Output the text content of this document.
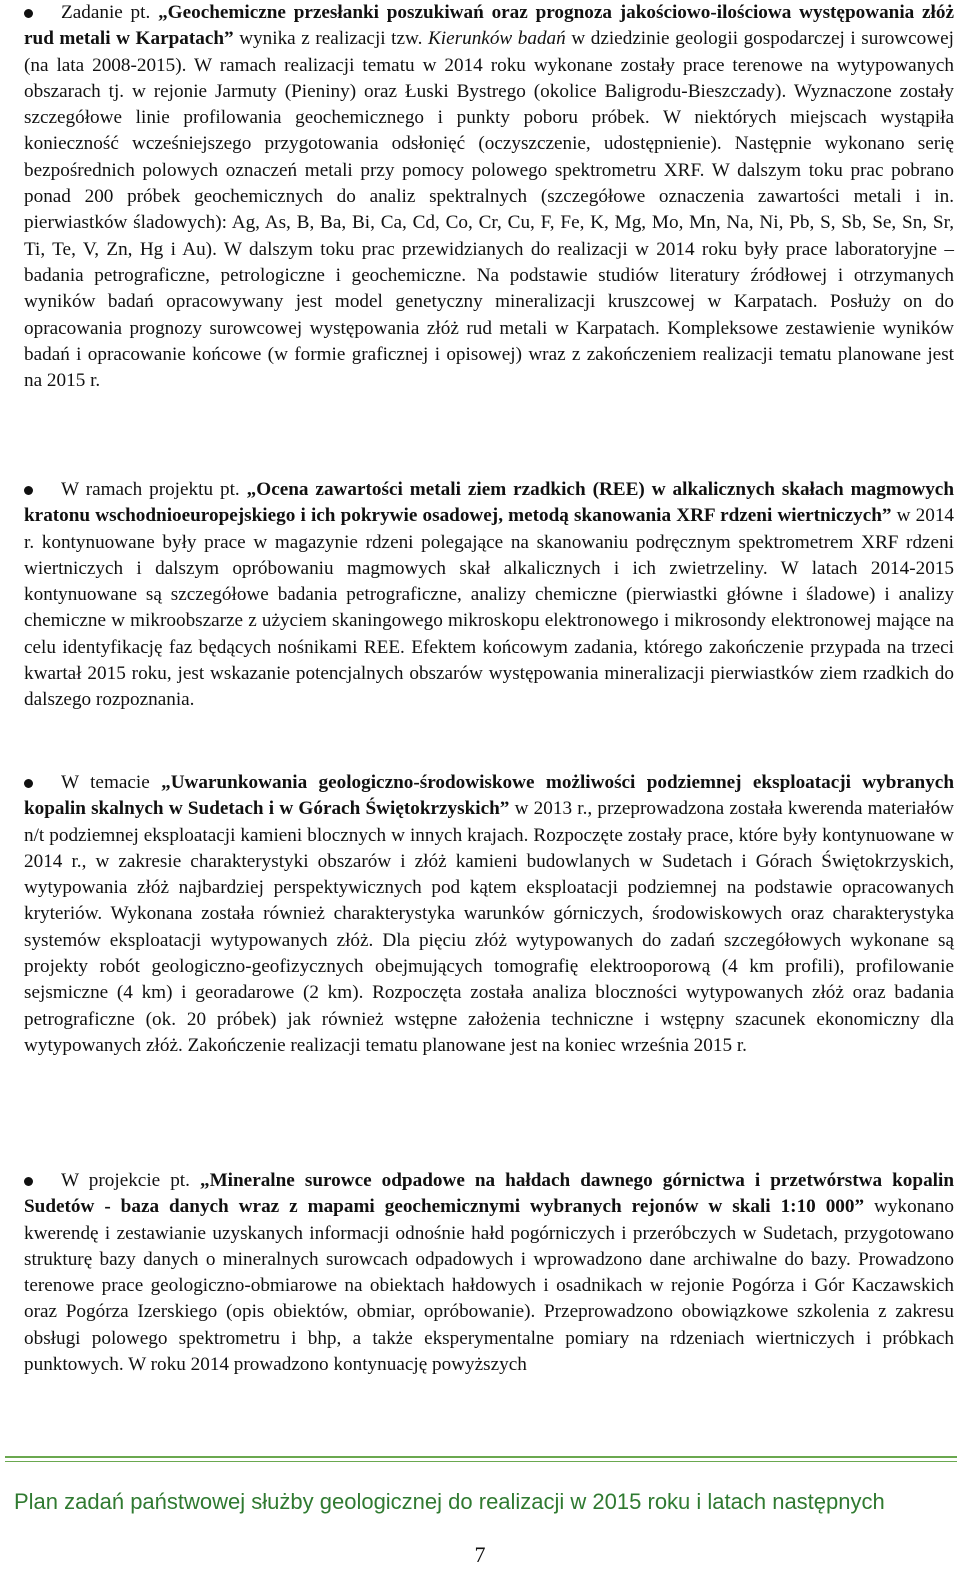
Zadanie pt. „Geochemiczne przesłanki poszukiwań oraz prognoza jakościowo-ilościowa występowania złóż rud metali w Karpatach” wynika z realizacji tzw. Kierunków badań w dziedzinie geologii gospodarczej i surowcowej (na lata 2008-2015). W ramach realizacji tematu w 2014 roku wykonane zostały prace terenowe na wytypowanych obszarach tj. w rejonie Jarmuty (Pieniny) oraz Łuski Bystrego (okolice Baligrodu-Bieszczady). Wyznaczone zostały szczegółowe linie profilowania geochemicznego i punkty poboru próbek. W niektórych miejscach wystąpiła konieczność wcześniejszego przygotowania odsłonięć (oczyszczenie, udostępnienie). Następnie wykonano serię bezpośrednich polowych oznaczeń metali przy pomocy polowego spektrometru XRF. W dalszym toku prac pobrano ponad 200 próbek geochemicznych do analiz spektralnych (szczegółowe oznaczenia zawartości metali i in. pierwiastków śladowych): Ag, As, B, Ba, Bi, Ca, Cd, Co, Cr, Cu, F, Fe, K, Mg, Mo, Mn, Na, Ni, Pb, S, Sb, Se, Sn, Sr, Ti, Te, V, Zn, Hg i Au). W dalszym toku prac przewidzianych do realizacji w 2014 roku były prace laboratoryjne – badania petrograficzne, petrologiczne i geochemiczne. Na podstawie studiów literatury źródłowej i otrzymanych wyników badań opracowywany jest model genetyczny mineralizacji kruszcowej w Karpatach. Posłuży on do opracowania prognozy surowcowej występowania złóż rud metali w Karpatach. Kompleksowe zestawienie wyników badań i opracowanie końcowe (w formie graficznej i opisowej) wraz z zakończeniem realizacji tematu planowane jest na 2015 r.

W ramach projektu pt. „Ocena zawartości metali ziem rzadkich (REE) w alkalicznych skałach magmowych kratonu wschodnioeuropejskiego i ich pokrywie osadowej, metodą skanowania XRF rdzeni wiertniczych” w 2014 r. kontynuowane były prace w magazynie rdzeni polegające na skanowaniu podręcznym spektrometrem XRF rdzeni wiertniczych i dalszym opróbowaniu magmowych skał alkalicznych i ich zwietrzeliny. W latach 2014-2015 kontynuowane są szczegółowe badania petrograficzne, analizy chemiczne (pierwiastki główne i śladowe) i analizy chemiczne w mikroobszarze z użyciem skaningowego mikroskopu elektronowego i mikrosondy elektronowej mające na celu identyfikację faz będących nośnikami REE. Efektem końcowym zadania, którego zakończenie przypada na trzeci kwartał 2015 roku, jest wskazanie potencjalnych obszarów występowania mineralizacji pierwiastków ziem rzadkich do dalszego rozpoznania.

W temacie „Uwarunkowania geologiczno-środowiskowe możliwości podziemnej eksploatacji wybranych kopalin skalnych w Sudetach i w Górach Świętokrzyskich” w 2013 r., przeprowadzona została kwerenda materiałów n/t podziemnej eksploatacji kamieni blocznych w innych krajach. Rozpoczęte zostały prace, które były kontynuowane w 2014 r., w zakresie charakterystyki obszarów i złóż kamieni budowlanych w Sudetach i Górach Świętokrzyskich, wytypowania złóż najbardziej perspektywicznych pod kątem eksploatacji podziemnej na podstawie opracowanych kryteriów. Wykonana została również charakterystyka warunków górniczych, środowiskowych oraz charakterystyka systemów eksploatacji wytypowanych złóż. Dla pięciu złóż wytypowanych do zadań szczegółowych wykonane są projekty robót geologiczno-geofizycznych obejmujących tomografię elektrooporową (4 km profili), profilowanie sejsmiczne (4 km) i georadarowe (2 km). Rozpoczęta została analiza bloczności wytypowanych złóż oraz badania petrograficzne (ok. 20 próbek) jak również wstępne założenia techniczne i wstępny szacunek ekonomiczny dla wytypowanych złóż. Zakończenie realizacji tematu planowane jest na koniec września 2015 r.

W projekcie pt. „Mineralne surowce odpadowe na hałdach dawnego górnictwa i przetwórstwa kopalin Sudetów - baza danych wraz z mapami geochemicznymi wybranych rejonów w skali 1:10 000” wykonano kwerendę i zestawianie uzyskanych informacji odnośnie hałd pogórniczych i przeróbczych w Sudetach, przygotowano strukturę bazy danych o mineralnych surowcach odpadowych i wprowadzono dane archiwalne do bazy. Prowadzono terenowe prace geologiczno-obmiarowe na obiektach hałdowych i osadnikach w rejonie Pogórza i Gór Kaczawskich oraz Pogórza Izerskiego (opis obiektów, obmiar, opróbowanie). Przeprowadzono obowiązkowe szkolenia z zakresu obsługi polowego spektrometru i bhp, a także eksperymentalne pomiary na rdzeniach wiertniczych i próbkach punktowych. W roku 2014 prowadzono kontynuację powyższych

Plan zadań państwowej służby geologicznej do realizacji w 2015 roku i latach następnych
7
